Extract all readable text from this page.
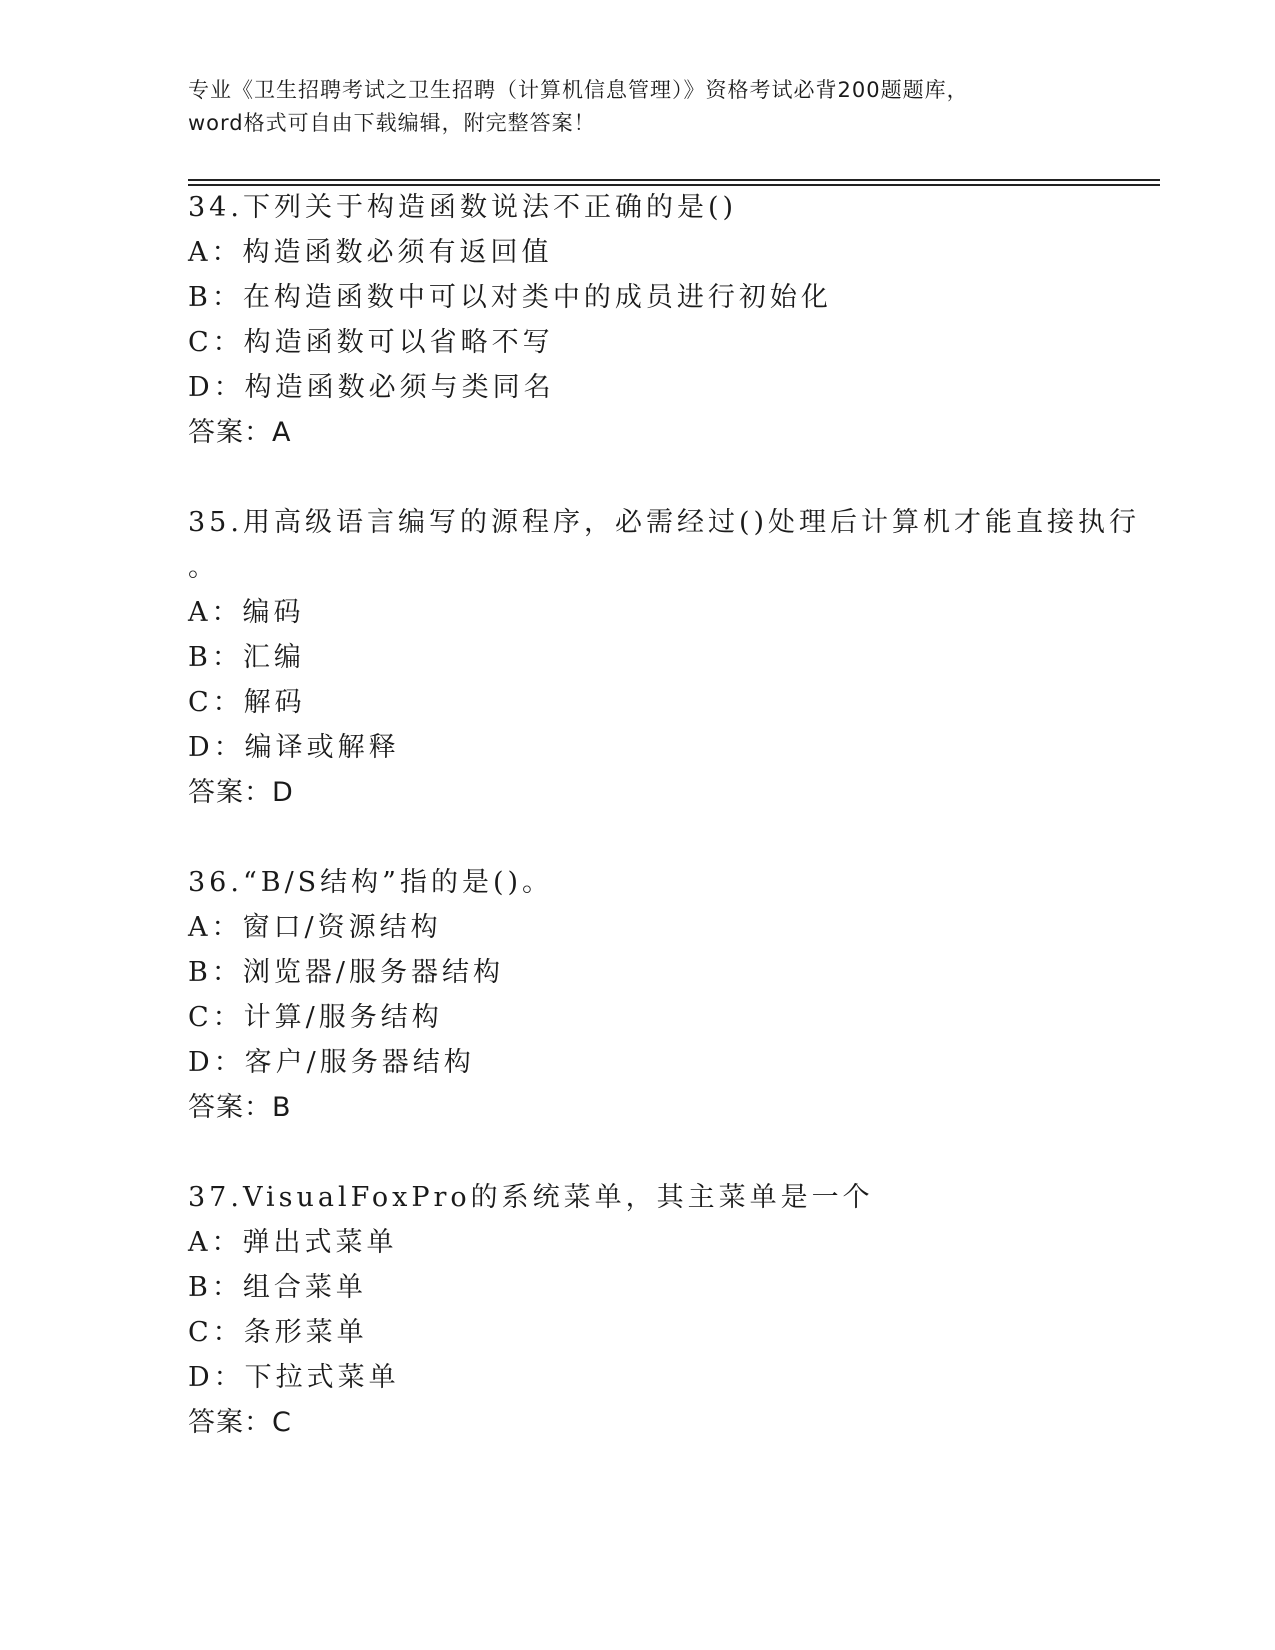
专业《卫生招聘考试之卫生招聘（计算机信息管理）》资格考试必背200题题库，
word格式可自由下载编辑，附完整答案！
34.下列关于构造函数说法不正确的是()
A：构造函数必须有返回值
B：在构造函数中可以对类中的成员进行初始化
C：构造函数可以省略不写
D：构造函数必须与类同名
答案：A
35.用高级语言编写的源程序，必需经过()处理后计算机才能直接执行
。
A：编码
B：汇编
C：解码
D：编译或解释
答案：D
36.“B/S结构”指的是()。
A：窗口/资源结构
B：浏览器/服务器结构
C：计算/服务结构
D：客户/服务器结构
答案：B
37.VisualFoxPro的系统菜单，其主菜单是一个
A：弹出式菜单
B：组合菜单
C：条形菜单
D：下拉式菜单
答案：C
